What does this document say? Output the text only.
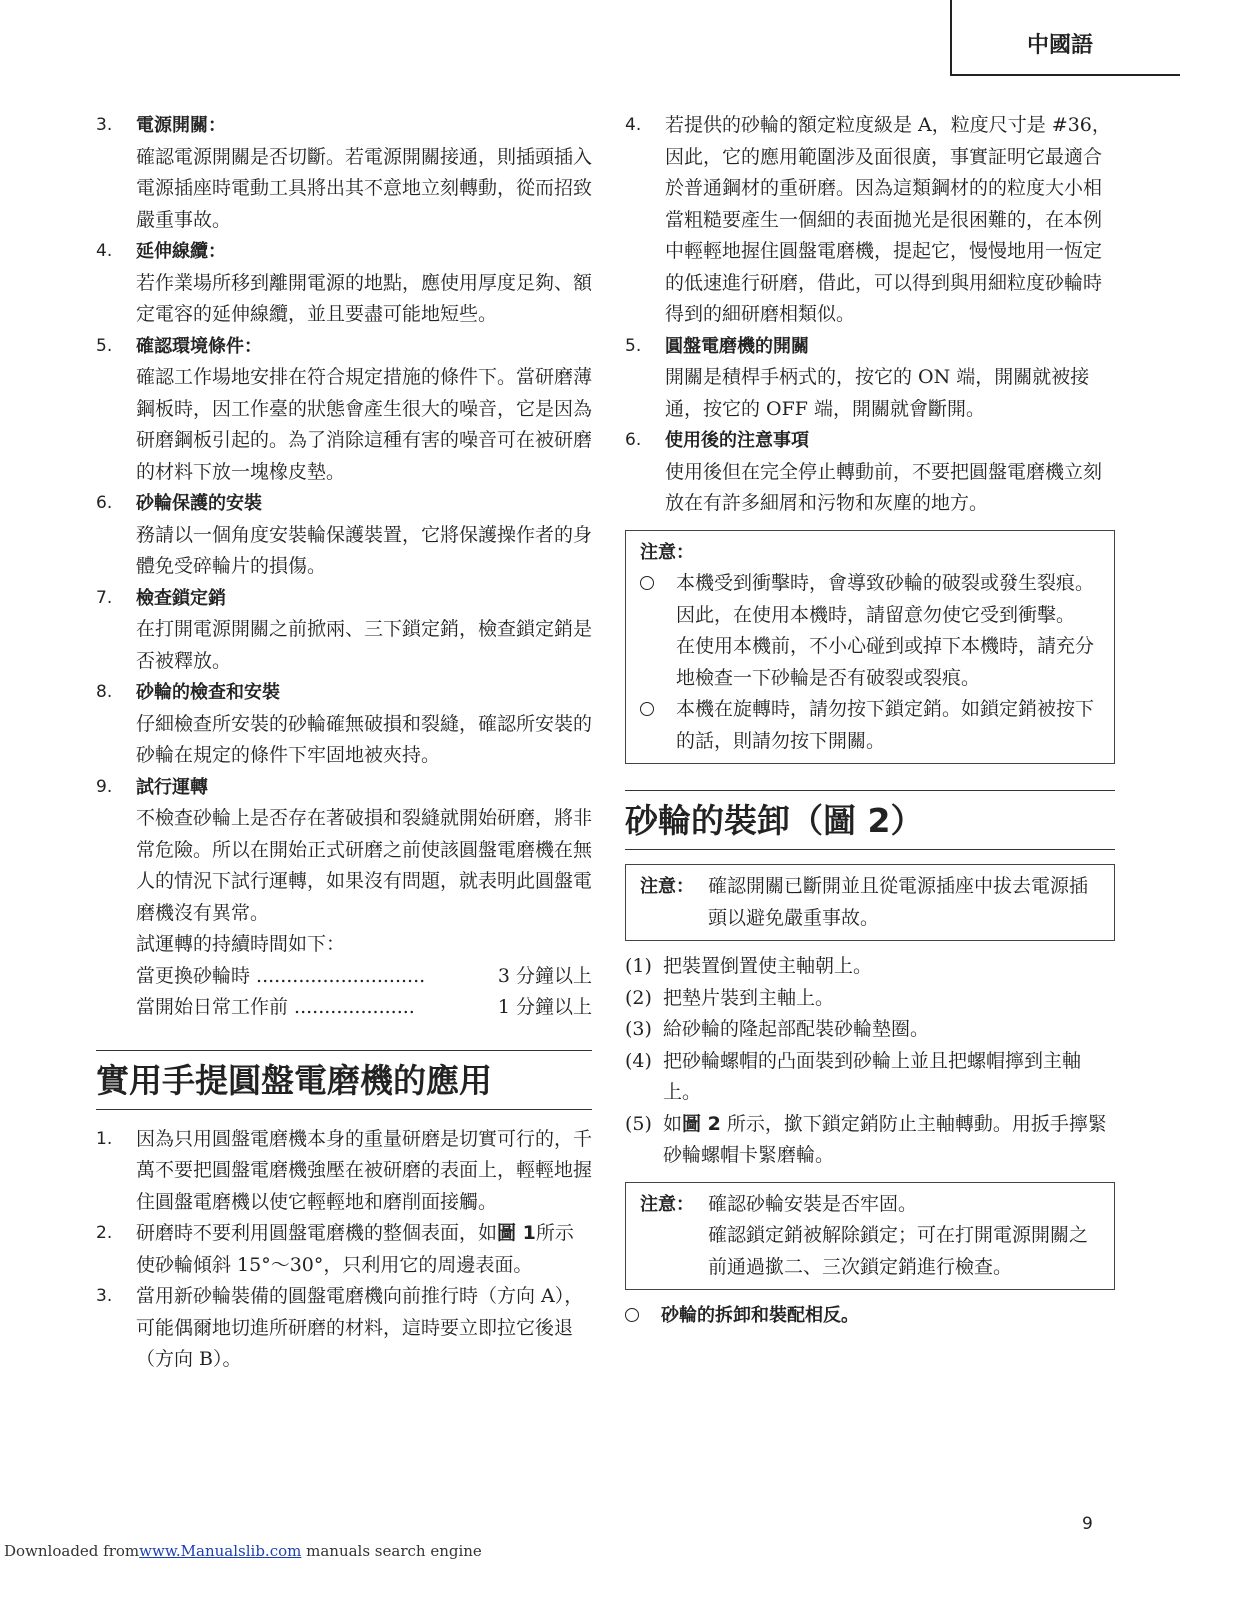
中國語
3. 電源開關：
確認電源開關是否切斷。若電源開關接通，則插頭插入電源插座時電動工具將出其不意地立刻轉動，從而招致嚴重事故。
4. 延伸線纜：
若作業場所移到離開電源的地點，應使用厚度足夠、額定電容的延伸線纜，並且要盡可能地短些。
5. 確認環境條件：
確認工作場地安排在符合規定措施的條件下。當研磨薄鋼板時，因工作臺的狀態會產生很大的噪音，它是因為研磨鋼板引起的。為了消除這種有害的噪音可在被研磨的材料下放一塊橡皮墊。
6. 砂輪保護的安裝
務請以一個角度安裝輪保護裝置，它將保護操作者的身體免受碎輪片的損傷。
7. 檢查鎖定銷
在打開電源開關之前掀兩、三下鎖定銷，檢查鎖定銷是否被釋放。
8. 砂輪的檢查和安裝
仔細檢查所安裝的砂輪確無破損和裂縫，確認所安裝的砂輪在規定的條件下牢固地被夾持。
9. 試行運轉
不檢查砂輪上是否存在著破損和裂縫就開始研磨，將非常危險。所以在開始正式研磨之前使該圓盤電磨機在無人的情況下試行運轉，如果沒有問題，就表明此圓盤電磨機沒有異常。
試運轉的持續時間如下：
當更換砂輪時 ............................	3 分鐘以上
當開始日常工作前 ....................	1 分鐘以上
實用手提圓盤電磨機的應用
1. 因為只用圓盤電磨機本身的重量研磨是切實可行的，千萬不要把圓盤電磨機強壓在被研磨的表面上，輕輕地握住圓盤電磨機以使它輕輕地和磨削面接觸。
2. 研磨時不要利用圓盤電磨機的整個表面，如圖 1所示使砂輪傾斜 15°～30°，只利用它的周邊表面。
3. 當用新砂輪裝備的圓盤電磨機向前推行時（方向 A），可能偶爾地切進所研磨的材料，這時要立即拉它後退（方向 B）。
4. 若提供的砂輪的額定粒度級是 A，粒度尺寸是 #36，因此，它的應用範圍涉及面很廣，事實証明它最適合於普通鋼材的重研磨。因為這類鋼材的的粒度大小相當粗糙要產生一個細的表面拋光是很困難的，在本例中輕輕地握住圓盤電磨機，提起它，慢慢地用一恆定的低速進行研磨，借此，可以得到與用細粒度砂輪時得到的細研磨相類似。
5. 圓盤電磨機的開關
開關是積桿手柄式的，按它的 ON 端，開關就被接通，按它的 OFF 端，開關就會斷開。
6. 使用後的注意事項
使用後但在完全停止轉動前，不要把圓盤電磨機立刻放在有許多細屑和污物和灰塵的地方。
注意：
本機受到衝擊時，會導致砂輪的破裂或發生裂痕。因此，在使用本機時，請留意勿使它受到衝擊。
在使用本機前，不小心碰到或掉下本機時，請充分地檢查一下砂輪是否有破裂或裂痕。
本機在旋轉時，請勿按下鎖定銷。如鎖定銷被按下的話，則請勿按下開關。
砂輪的裝卸（圖 2）
注意： 確認開關已斷開並且從電源插座中拔去電源插頭以避免嚴重事故。
(1) 把裝置倒置使主軸朝上。
(2) 把墊片裝到主軸上。
(3) 給砂輪的隆起部配裝砂輪墊圈。
(4) 把砂輪螺帽的凸面裝到砂輪上並且把螺帽擰到主軸上。
(5) 如圖 2 所示，撳下鎖定銷防止主軸轉動。用扳手擰緊砂輪螺帽卡緊磨輪。
注意： 確認砂輪安裝是否牢固。
確認鎖定銷被解除鎖定；可在打開電源開關之前通過撳二、三次鎖定銷進行檢查。
砂輪的拆卸和裝配相反。
9
Downloaded fromwww.Manualslib.com manuals search engine
